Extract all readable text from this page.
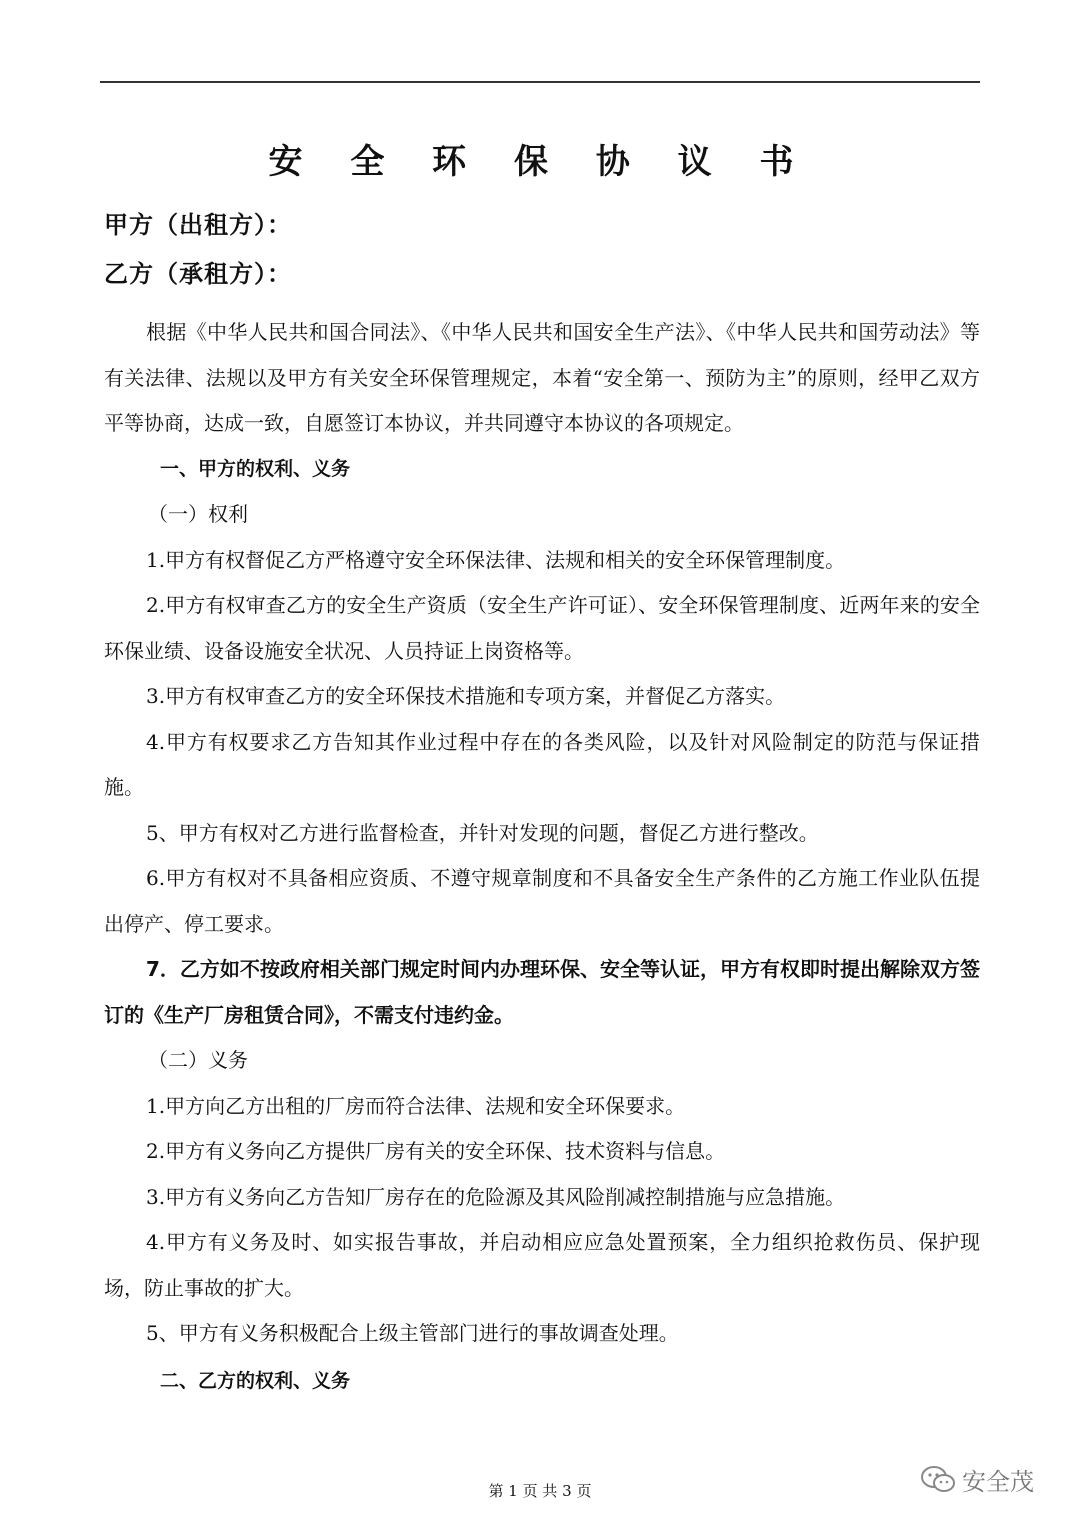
安 全 环 保 协 议 书
甲方（出租方）：
乙方（承租方）：

根据《中华人民共和国合同法》、《中华人民共和国安全生产法》、《中华人民共和国劳动法》等有关法律、法规以及甲方有关安全环保管理规定，本着“安全第一、预防为主”的原则，经甲乙双方平等协商，达成一致，自愿签订本协议，并共同遵守本协议的各项规定。

一、甲方的权利、义务

（一）权利

1.甲方有权督促乙方严格遵守安全环保法律、法规和相关的安全环保管理制度。

2.甲方有权审查乙方的安全生产资质（安全生产许可证）、安全环保管理制度、近两年来的安全环保业绩、设备设施安全状况、人员持证上岗资格等。

3.甲方有权审查乙方的安全环保技术措施和专项方案，并督促乙方落实。

4.甲方有权要求乙方告知其作业过程中存在的各类风险，以及针对风险制定的防范与保证措施。

5、甲方有权对乙方进行监督检查，并针对发现的问题，督促乙方进行整改。

6.甲方有权对不具备相应资质、不遵守规章制度和不具备安全生产条件的乙方施工作业队伍提出停产、停工要求。

7．乙方如不按政府相关部门规定时间内办理环保、安全等认证，甲方有权即时提出解除双方签订的《生产厂房租赁合同》，不需支付违约金。

（二）义务

1.甲方向乙方出租的厂房而符合法律、法规和安全环保要求。

2.甲方有义务向乙方提供厂房有关的安全环保、技术资料与信息。

3.甲方有义务向乙方告知厂房存在的危险源及其风险削减控制措施与应急措施。

4.甲方有义务及时、如实报告事故，并启动相应应急处置预案，全力组织抢救伤员、保护现场，防止事故的扩大。

5、甲方有义务积极配合上级主管部门进行的事故调查处理。

二、乙方的权利、义务

第 1 页 共 3 页	安全茂
